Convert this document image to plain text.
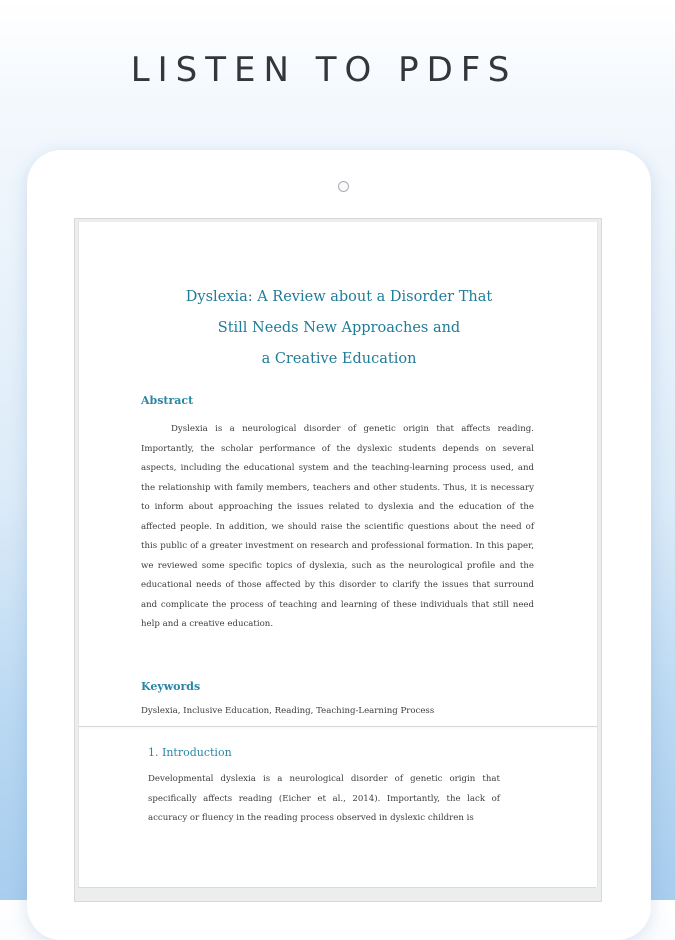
LISTEN TO PDFS
Dyslexia: A Review about a Disorder That
Still Needs New Approaches and
a Creative Education
Abstract

Dyslexia is a neurological disorder of genetic origin that affects reading. Importantly, the scholar performance of the dyslexic students depends on several aspects, including the educational system and the teaching-learning process used, and the relationship with family members, teachers and other students. Thus, it is necessary to inform about approaching the issues related to dyslexia and the education of the affected people. In addition, we should raise the scientific questions about the need of this public of a greater investment on research and professional formation. In this paper, we reviewed some specific topics of dyslexia, such as the neurological profile and the educational needs of those affected by this disorder to clarify the issues that surround and complicate the process of teaching and learning of these individuals that still need help and a creative education.

Keywords

Dyslexia, Inclusive Education, Reading, Teaching-Learning Process

1. Introduction

Developmental dyslexia is a neurological disorder of genetic origin that specifically affects reading (Eicher et al., 2014). Importantly, the lack of accuracy or fluency in the reading process observed in dyslexic children is
